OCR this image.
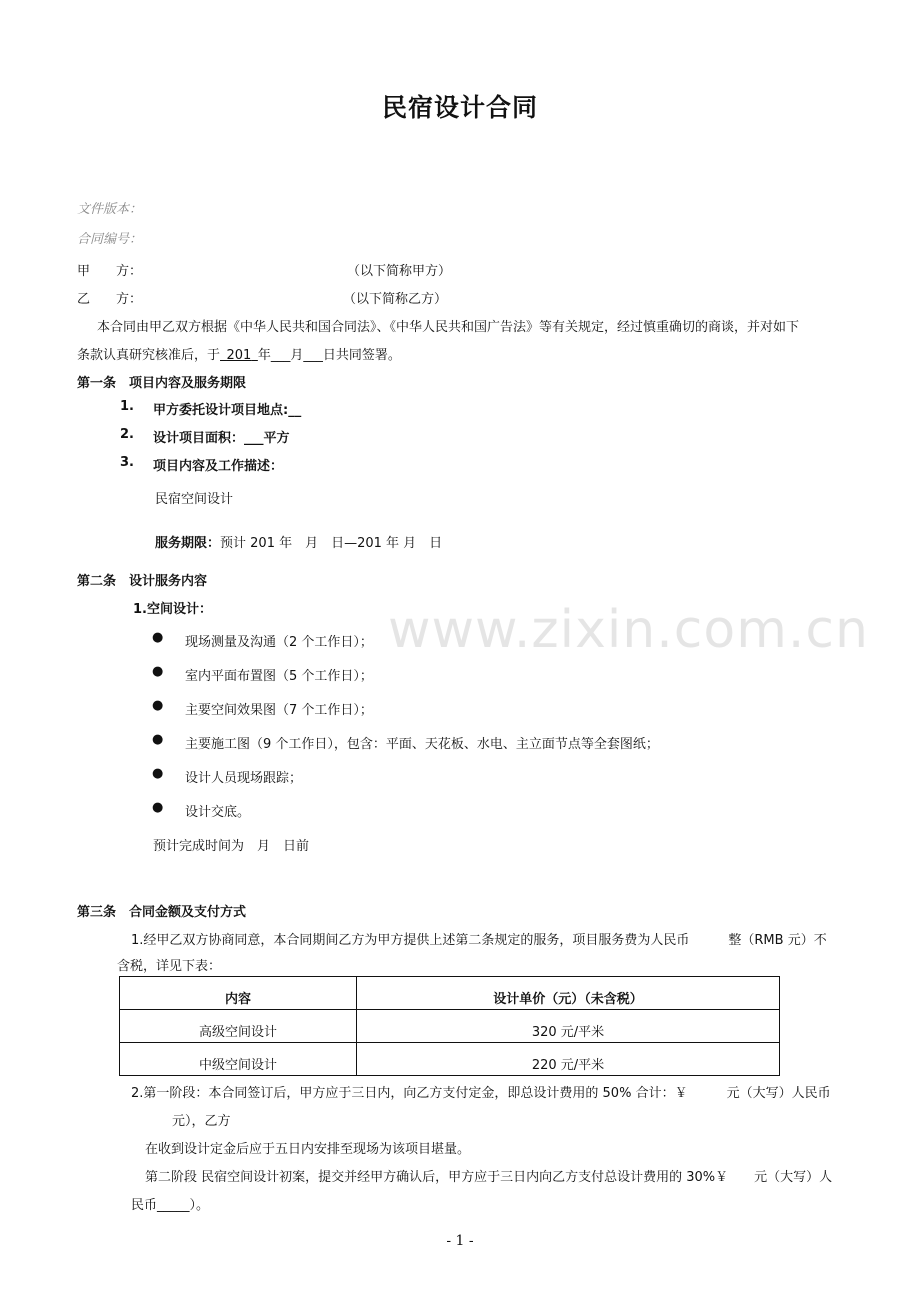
民宿设计合同
文件版本：
合同编号：
甲　　方：	（以下简称甲方）
乙　　方：	（以下简称乙方）
本合同由甲乙双方根据《中华人民共和国合同法》、《中华人民共和国广告法》等有关规定，经过慎重确切的商谈，并对如下
条款认真研究核准后，于  201  年___月___日共同签署。
第一条　项目内容及服务期限
1. 甲方委托设计项目地点:__
2. 设计项目面积：___平方
3. 项目内容及工作描述：
民宿空间设计
服务期限：预计 201 年　月　日—201 年 月　日
第二条　设计服务内容
1.空间设计：	www.zixin.com.cn
● 现场测量及沟通（2 个工作日）；
● 室内平面布置图（5 个工作日）；
● 主要空间效果图（7 个工作日）；
● 主要施工图（9 个工作日），包含：平面、天花板、水电、主立面节点等全套图纸；
● 设计人员现场跟踪；
● 设计交底。
预计完成时间为　月　日前
第三条　合同金额及支付方式
1.经甲乙双方协商同意，本合同期间乙方为甲方提供上述第二条规定的服务，项目服务费为人民币　　　整（RMB 元）不
含税，详见下表：
内容	设计单价（元）（未含税）
高级空间设计	320 元/平米
中级空间设计	220 元/平米
2.第一阶段：本合同签订后，甲方应于三日内，向乙方支付定金，即总设计费用的 50% 合计：￥　　　元（大写）人民币
元），乙方
在收到设计定金后应于五日内安排至现场为该项目堪量。
第二阶段 民宿空间设计初案，提交并经甲方确认后，甲方应于三日内向乙方支付总设计费用的 30%￥　　元（大写）人
民币_____）。
- 1 -
